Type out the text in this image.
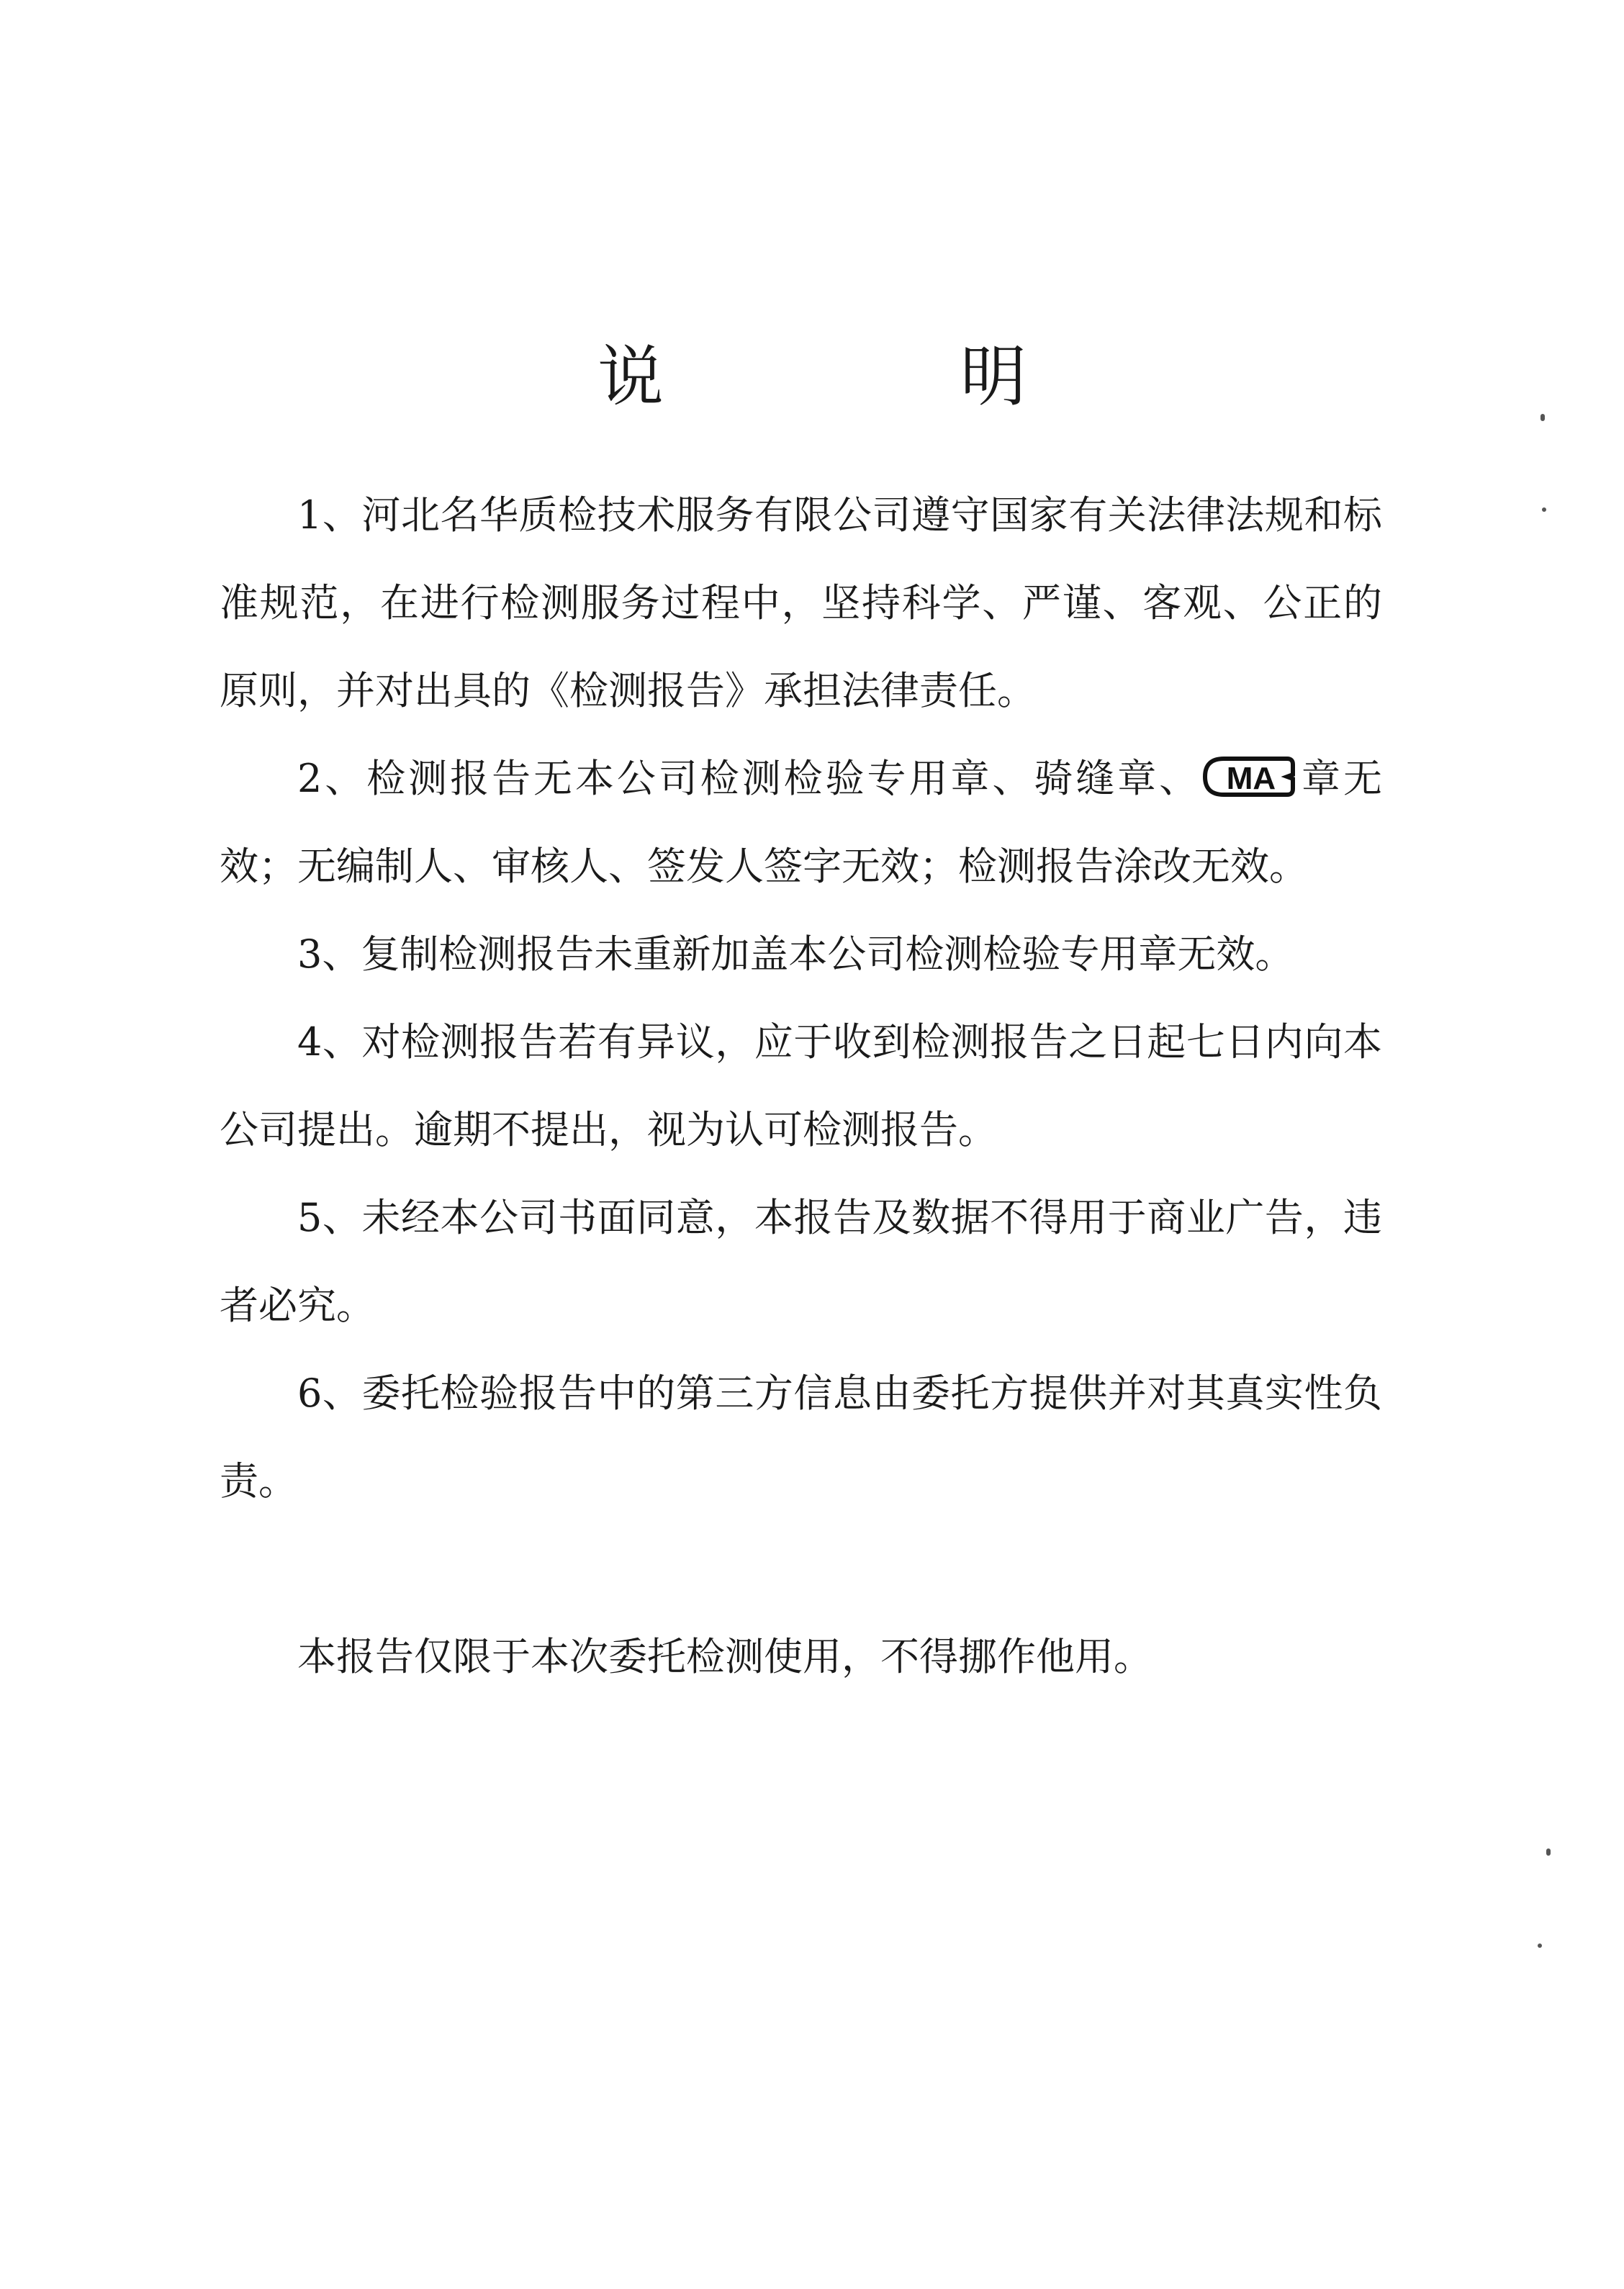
说　明

1、河北名华质检技术服务有限公司遵守国家有关法律法规和标准规范，在进行检测服务过程中，坚持科学、严谨、客观、公正的原则，并对出具的《检测报告》承担法律责任。

2、检测报告无本公司检测检验专用章、骑缝章、 MA 章无效；无编制人、审核人、签发人签字无效；检测报告涂改无效。

3、复制检测报告未重新加盖本公司检测检验专用章无效。

4、对检测报告若有异议，应于收到检测报告之日起七日内向本公司提出。逾期不提出，视为认可检测报告。

5、未经本公司书面同意，本报告及数据不得用于商业广告，违者必究。

6、委托检验报告中的第三方信息由委托方提供并对其真实性负责。

本报告仅限于本次委托检测使用，不得挪作他用。
